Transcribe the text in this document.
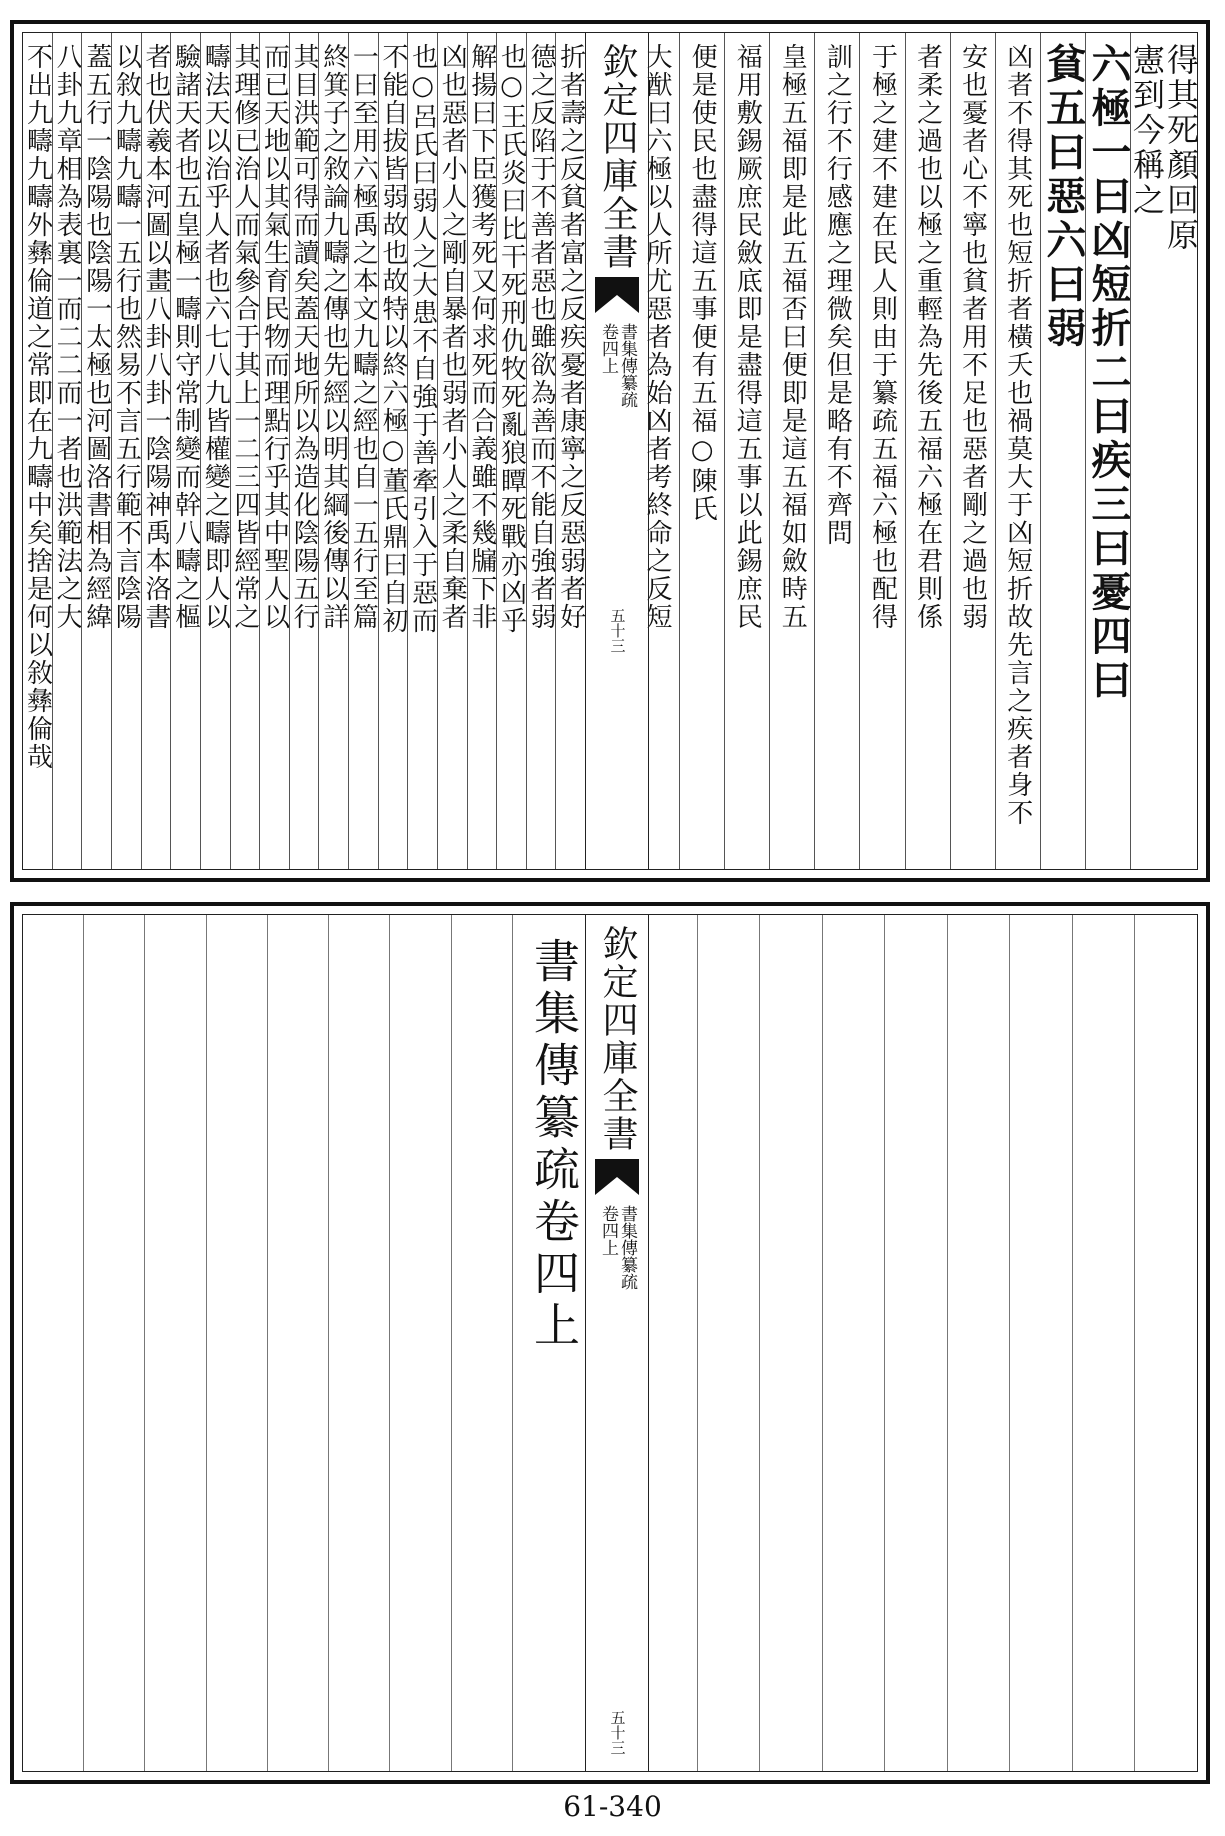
得其死顏回原
憲到今稱之
六極一曰凶短折二曰疾三曰憂四曰
貧五曰惡六曰弱
凶者不得其死也短折者橫夭也禍莫大于凶短折故先言之疾者身不
安也憂者心不寧也貧者用不足也惡者剛之過也弱
者柔之過也以極之重輕為先後五福六極在君則係
于極之建不建在民人則由于纂疏五福六極也配得
訓之行不行感應之理微矣但是略有不齊問
皇極五福即是此五福否曰便即是這五福如斂時五
福用敷錫厥庶民斂底即是盡得這五事以此錫庶民
便是使民也盡得這五事便有五福○陳氏
大猷曰六極以人所尤惡者為始凶者考終命之反短
欽定四庫全書
書集傳纂疏
卷四上
五十三
折者壽之反貧者富之反疾憂者康寧之反惡弱者好
德之反陷于不善者惡也雖欲為善而不能自強者弱
也○王氏炎曰比干死刑仇牧死亂狼瞫死戰亦凶乎
解揚曰下臣獲考死又何求死而合義雖不幾牖下非
凶也惡者小人之剛自暴者也弱者小人之柔自棄者
也○呂氏曰弱人之大患不自強于善牽引入于惡而
不能自拔皆弱故也故特以終六極○董氏鼎曰自初
一曰至用六極禹之本文九疇之經也自一五行至篇
終箕子之敘論九疇之傳也先經以明其綱後傳以詳
其目洪範可得而讀矣蓋天地所以為造化陰陽五行
而已天地以其氣生育民物而理點行乎其中聖人以
其理修已治人而氣參合于其上一二三四皆經常之
疇法天以治乎人者也六七八九皆權變之疇即人以
驗諸天者也五皇極一疇則守常制變而幹八疇之樞
者也伏羲本河圖以畫八卦八卦一陰陽神禹本洛書
以敘九疇九疇一五行也然易不言五行範不言陰陽
蓋五行一陰陽也陰陽一太極也河圖洛書相為經緯
八卦九章相為表裏一而二二而一者也洪範法之大
不出九疇九疇外彝倫道之常即在九疇中矣捨是何以敘彝倫哉
欽定四庫全書
書集傳纂疏
卷四上
五十三
書集傳纂疏卷四上
61-340
